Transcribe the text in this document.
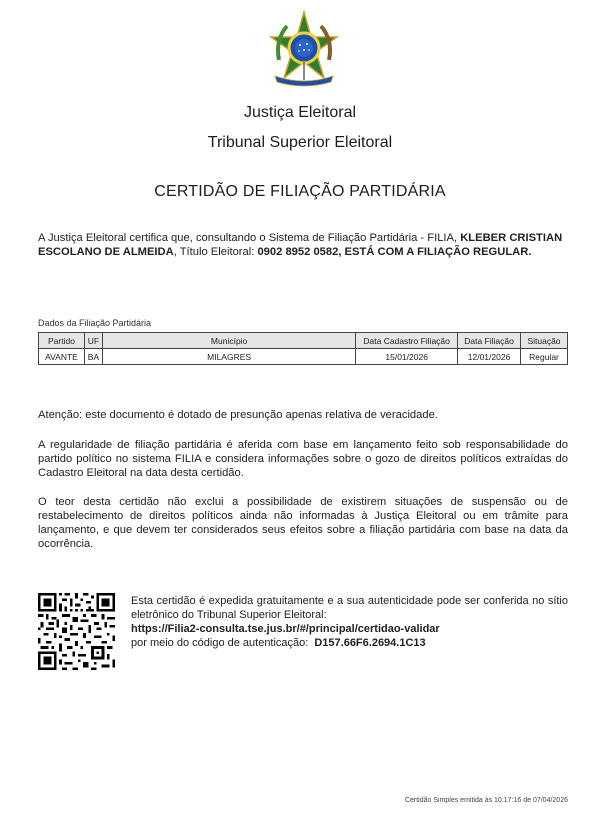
Justiça Eleitoral
Tribunal Superior Eleitoral
CERTIDÃO DE FILIAÇÃO PARTIDÁRIA
A Justiça Eleitoral certifica que, consultando o Sistema de Filiação Partidária - FILIA, KLEBER CRISTIAN ESCOLANO DE ALMEIDA, Título Eleitoral: 0902 8952 0582, ESTÁ COM A FILIAÇÃO REGULAR.
Dados da Filiação Partidária
Partido	UF	Município	Data Cadastro Filiação	Data Filiação	Situação
AVANTE	BA	MILAGRES	15/01/2026	12/01/2026	Regular
Atenção: este documento é dotado de presunção apenas relativa de veracidade.
A regularidade de filiação partidária é aferida com base em lançamento feito sob responsabilidade do partido político no sistema FILIA e considera informações sobre o gozo de direitos políticos extraídas do Cadastro Eleitoral na data desta certidão.
O teor desta certidão não exclui a possibilidade de existirem situações de suspensão ou de restabelecimento de direitos políticos ainda não informadas à Justiça Eleitoral ou em trâmite para lançamento, e que devem ter considerados seus efeitos sobre a filiação partidária com base na data da ocorrência.
Esta certidão é expedida gratuitamente e a sua autenticidade pode ser conferida no sítio eletrônico do Tribunal Superior Eleitoral:
https://Filia2-consulta.tse.jus.br/#/principal/certidao-validar
por meio do código de autenticação: D157.66F6.2694.1C13
Certidão Simples emitida às 10:17:16 de 07/04/2026
